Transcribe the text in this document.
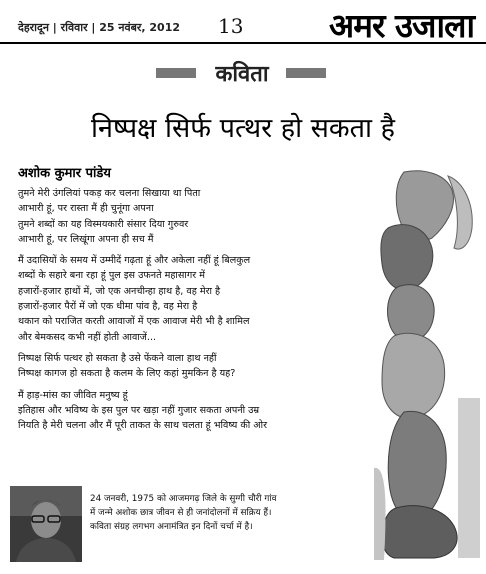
देहरादून | रविवार | 25 नवंबर, 2012 13	अमर उजाला
कविता
निष्पक्ष सिर्फ पत्थर हो सकता है
अशोक कुमार पांडेय
तुमने मेरी उंगलियां पकड़ कर चलना सिखाया था पिता
आभारी हूं, पर रास्ता मैं ही चुनूंगा अपना
तुमने शब्दों का यह विस्मयकारी संसार दिया गुरुवर
आभारी हूं, पर लिखूंगा अपना ही सच मैं
मैं उदासियों के समय में उम्मीदें गढ़ता हूं और अकेला नहीं हूं बिलकुल
शब्दों के सहारे बना रहा हूं पुल इस उफनते महासागर में
हजारों-हजार हाथों में, जो एक अनचीन्हा हाथ है, वह मेरा है
हजारों-हजार पैरों में जो एक धीमा पांव है, वह मेरा है
थकान को पराजित करती आवाजों में एक आवाज मेरी भी है शामिल
और बेमकसद कभी नहीं होती आवाजें...
निष्पक्ष सिर्फ पत्थर हो सकता है उसे फेंकने वाला हाथ नहीं
निष्पक्ष कागज हो सकता है कलम के लिए कहां मुमकिन है यह?
मैं हाड़-मांस का जीवित मनुष्य हूं
इतिहास और भविष्य के इस पुल पर खड़ा नहीं गुजार सकता अपनी उम्र
नियति है मेरी चलना और मैं पूरी ताकत के साथ चलता हूं भविष्य की ओर
24 जनवरी, 1975 को आजमगढ़ जिले के सुग्गी चौरी गांव
में जन्मे अशोक छात्र जीवन से ही जनांदोलनों में सक्रिय हैं।
कविता संग्रह लगभग अनामंत्रित इन दिनों चर्चा में है।
